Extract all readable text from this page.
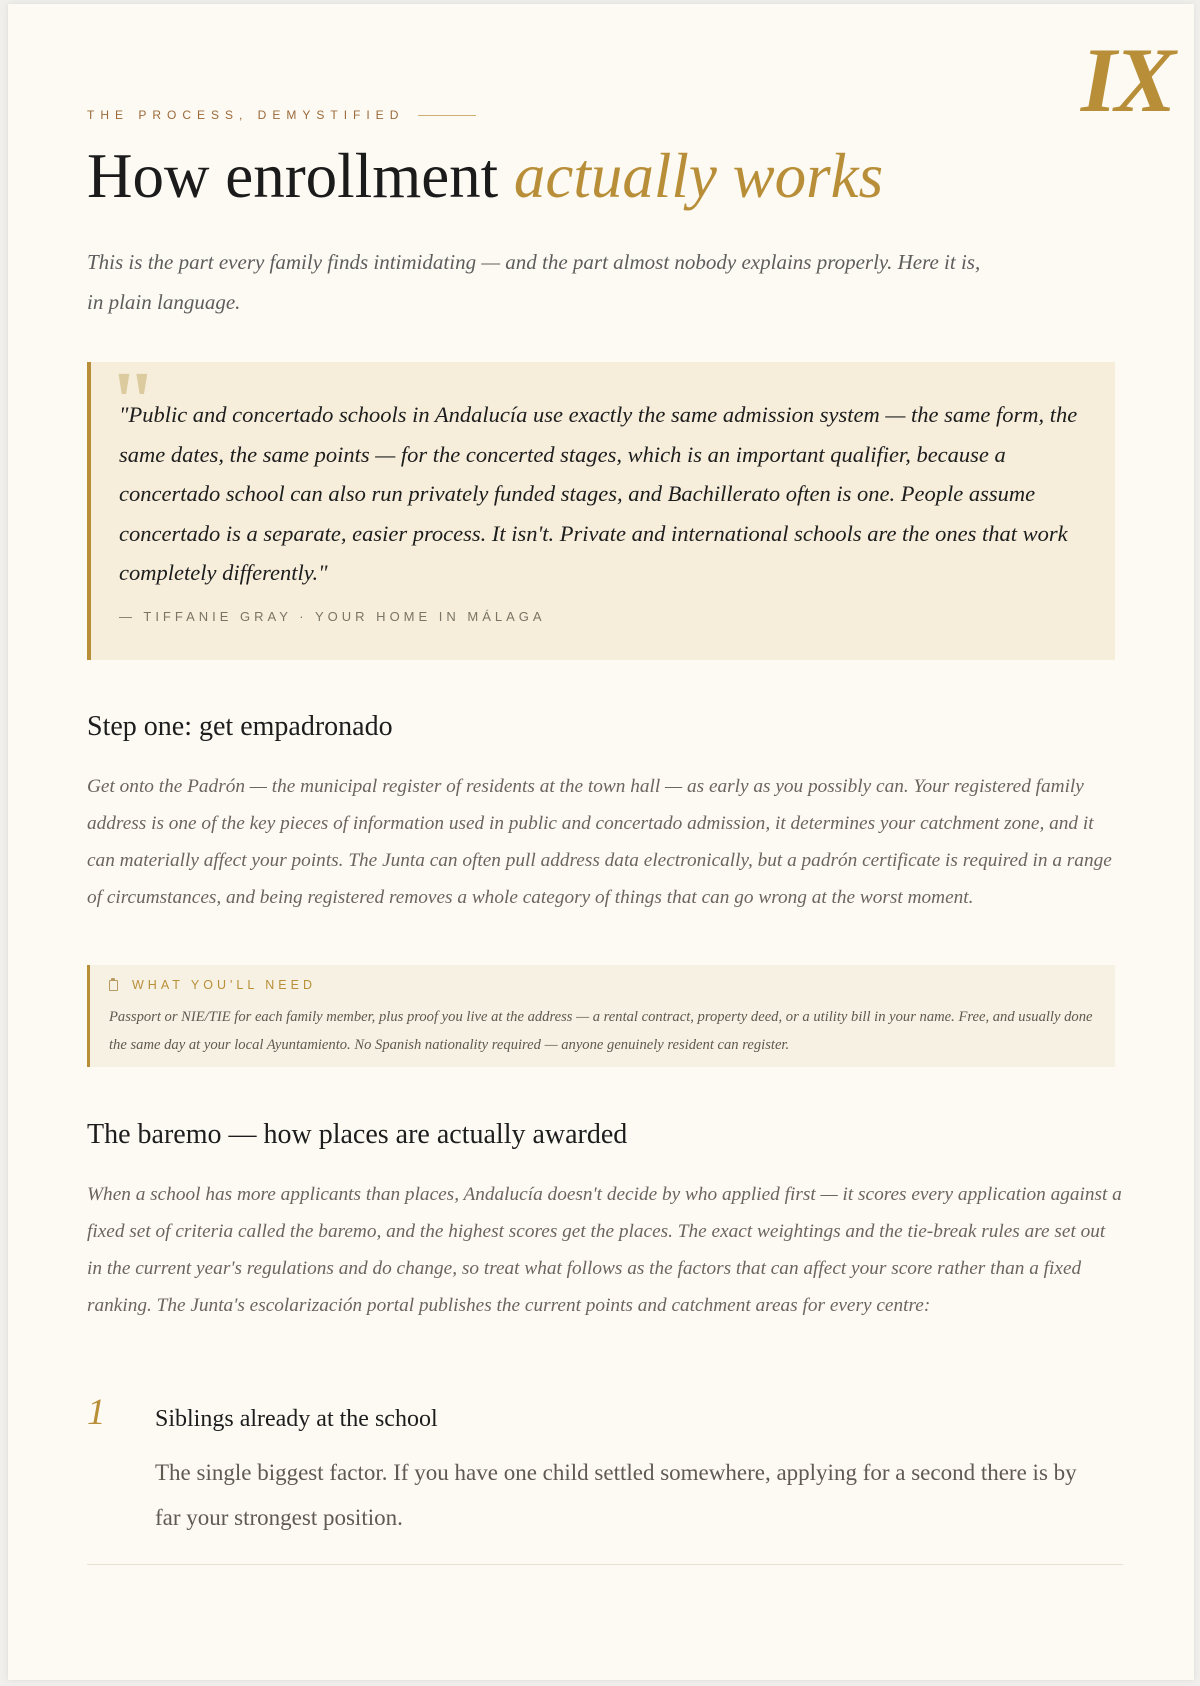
IX
THE PROCESS, DEMYSTIFIED
How enrollment actually works

This is the part every family finds intimidating — and the part almost nobody explains properly. Here it is, in plain language.

"

"Public and concertado schools in Andalucía use exactly the same admission system — the same form, the same dates, the same points — for the concerted stages, which is an important qualifier, because a concertado school can also run privately funded stages, and Bachillerato often is one. People assume concertado is a separate, easier process. It isn't. Private and international schools are the ones that work completely differently."

— TIFFANIE GRAY · YOUR HOME IN MÁLAGA
Step one: get empadronado

Get onto the Padrón — the municipal register of residents at the town hall — as early as you possibly can. Your registered family address is one of the key pieces of information used in public and concertado admission, it determines your catchment zone, and it can materially affect your points. The Junta can often pull address data electronically, but a padrón certificate is required in a range of circumstances, and being registered removes a whole category of things that can go wrong at the worst moment.

WHAT YOU'LL NEED

Passport or NIE/TIE for each family member, plus proof you live at the address — a rental contract, property deed, or a utility bill in your name. Free, and usually done the same day at your local Ayuntamiento. No Spanish nationality required — anyone genuinely resident can register.

The baremo — how places are actually awarded

When a school has more applicants than places, Andalucía doesn't decide by who applied first — it scores every application against a fixed set of criteria called the baremo, and the highest scores get the places. The exact weightings and the tie-break rules are set out in the current year's regulations and do change, so treat what follows as the factors that can affect your score rather than a fixed ranking. The Junta's escolarización portal publishes the current points and catchment areas for every centre:

1 Siblings already at the school

The single biggest factor. If you have one child settled somewhere, applying for a second there is by far your strongest position.
